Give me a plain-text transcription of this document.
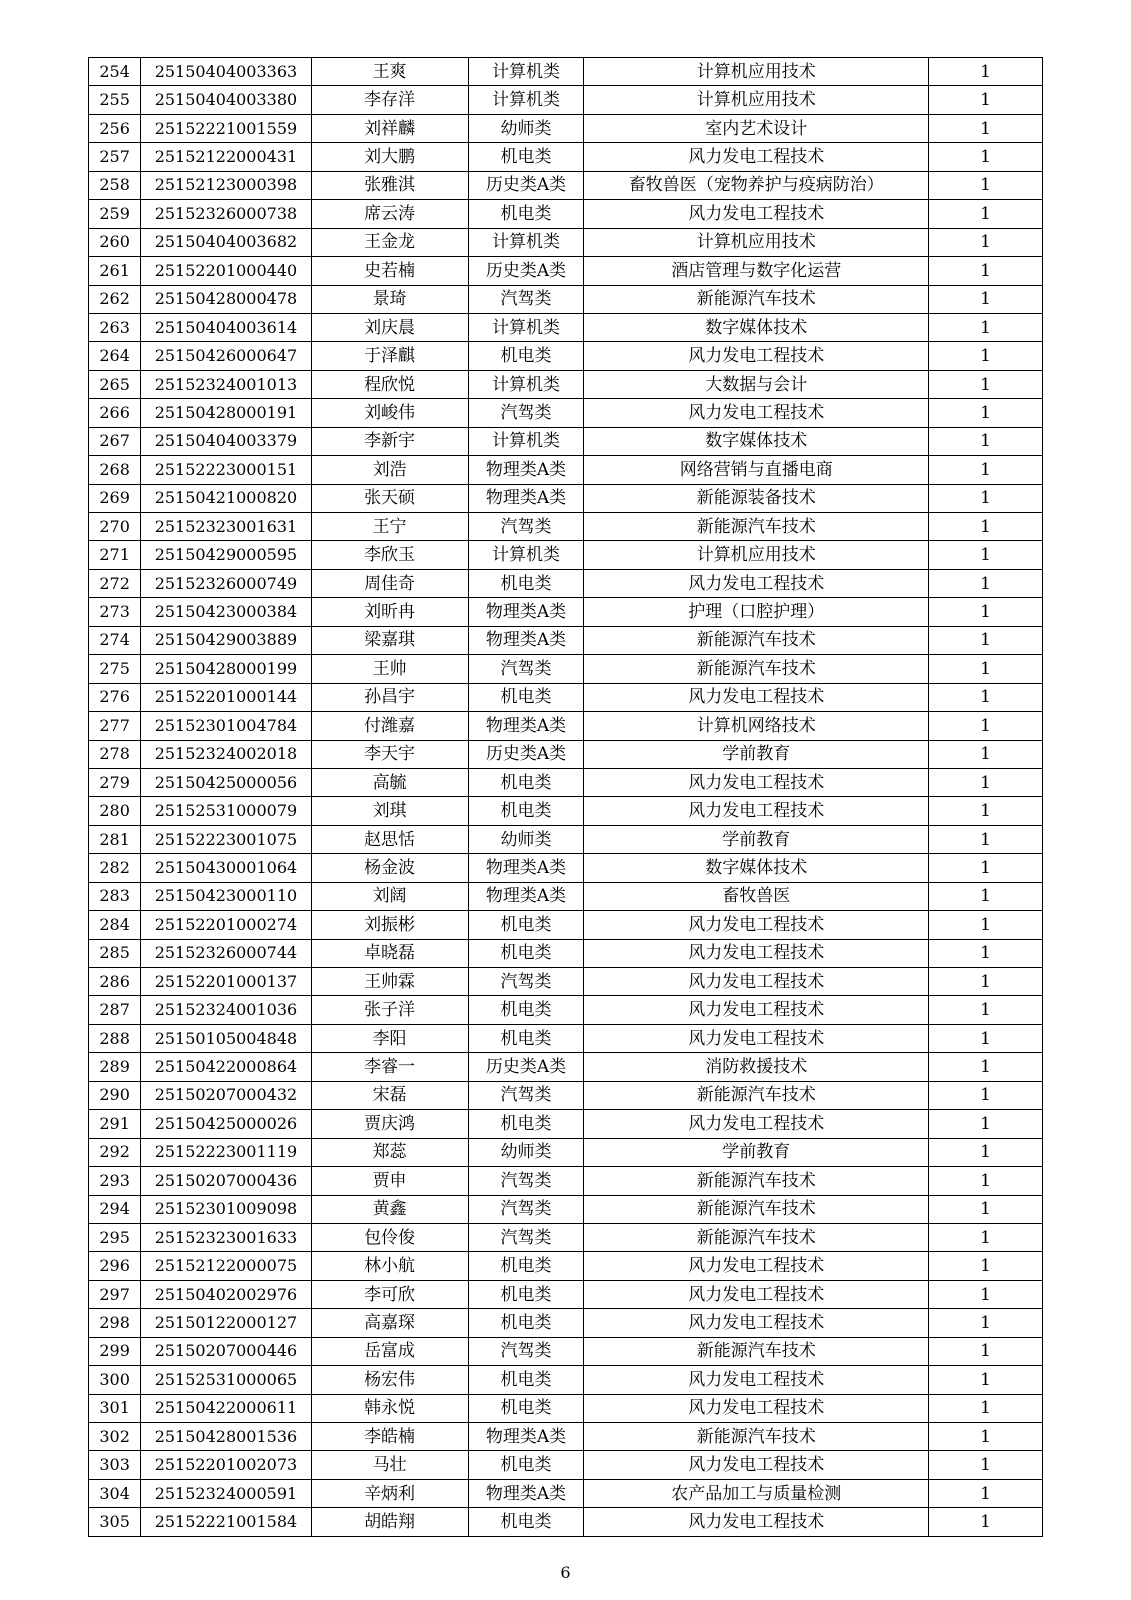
254	25150404003363	王爽	计算机类	计算机应用技术	1
255	25150404003380	李存洋	计算机类	计算机应用技术	1
256	25152221001559	刘祥麟	幼师类	室内艺术设计	1
257	25152122000431	刘大鹏	机电类	风力发电工程技术	1
258	25152123000398	张雅淇	历史类A类	畜牧兽医（宠物养护与疫病防治）	1
259	25152326000738	席云涛	机电类	风力发电工程技术	1
260	25150404003682	王金龙	计算机类	计算机应用技术	1
261	25152201000440	史若楠	历史类A类	酒店管理与数字化运营	1
262	25150428000478	景琦	汽驾类	新能源汽车技术	1
263	25150404003614	刘庆晨	计算机类	数字媒体技术	1
264	25150426000647	于泽麒	机电类	风力发电工程技术	1
265	25152324001013	程欣悦	计算机类	大数据与会计	1
266	25150428000191	刘峻伟	汽驾类	风力发电工程技术	1
267	25150404003379	李新宇	计算机类	数字媒体技术	1
268	25152223000151	刘浩	物理类A类	网络营销与直播电商	1
269	25150421000820	张天硕	物理类A类	新能源装备技术	1
270	25152323001631	王宁	汽驾类	新能源汽车技术	1
271	25150429000595	李欣玉	计算机类	计算机应用技术	1
272	25152326000749	周佳奇	机电类	风力发电工程技术	1
273	25150423000384	刘昕冉	物理类A类	护理（口腔护理）	1
274	25150429003889	梁嘉琪	物理类A类	新能源汽车技术	1
275	25150428000199	王帅	汽驾类	新能源汽车技术	1
276	25152201000144	孙昌宇	机电类	风力发电工程技术	1
277	25152301004784	付潍嘉	物理类A类	计算机网络技术	1
278	25152324002018	李天宇	历史类A类	学前教育	1
279	25150425000056	高毓	机电类	风力发电工程技术	1
280	25152531000079	刘琪	机电类	风力发电工程技术	1
281	25152223001075	赵思恬	幼师类	学前教育	1
282	25150430001064	杨金波	物理类A类	数字媒体技术	1
283	25150423000110	刘阔	物理类A类	畜牧兽医	1
284	25152201000274	刘振彬	机电类	风力发电工程技术	1
285	25152326000744	卓晓磊	机电类	风力发电工程技术	1
286	25152201000137	王帅霖	汽驾类	风力发电工程技术	1
287	25152324001036	张子洋	机电类	风力发电工程技术	1
288	25150105004848	李阳	机电类	风力发电工程技术	1
289	25150422000864	李睿一	历史类A类	消防救援技术	1
290	25150207000432	宋磊	汽驾类	新能源汽车技术	1
291	25150425000026	贾庆鸿	机电类	风力发电工程技术	1
292	25152223001119	郑蕊	幼师类	学前教育	1
293	25150207000436	贾申	汽驾类	新能源汽车技术	1
294	25152301009098	黄鑫	汽驾类	新能源汽车技术	1
295	25152323001633	包伶俊	汽驾类	新能源汽车技术	1
296	25152122000075	林小航	机电类	风力发电工程技术	1
297	25150402002976	李可欣	机电类	风力发电工程技术	1
298	25150122000127	高嘉琛	机电类	风力发电工程技术	1
299	25150207000446	岳富成	汽驾类	新能源汽车技术	1
300	25152531000065	杨宏伟	机电类	风力发电工程技术	1
301	25150422000611	韩永悦	机电类	风力发电工程技术	1
302	25150428001536	李皓楠	物理类A类	新能源汽车技术	1
303	25152201002073	马壮	机电类	风力发电工程技术	1
304	25152324000591	辛炳利	物理类A类	农产品加工与质量检测	1
305	25152221001584	胡皓翔	机电类	风力发电工程技术	1
6
